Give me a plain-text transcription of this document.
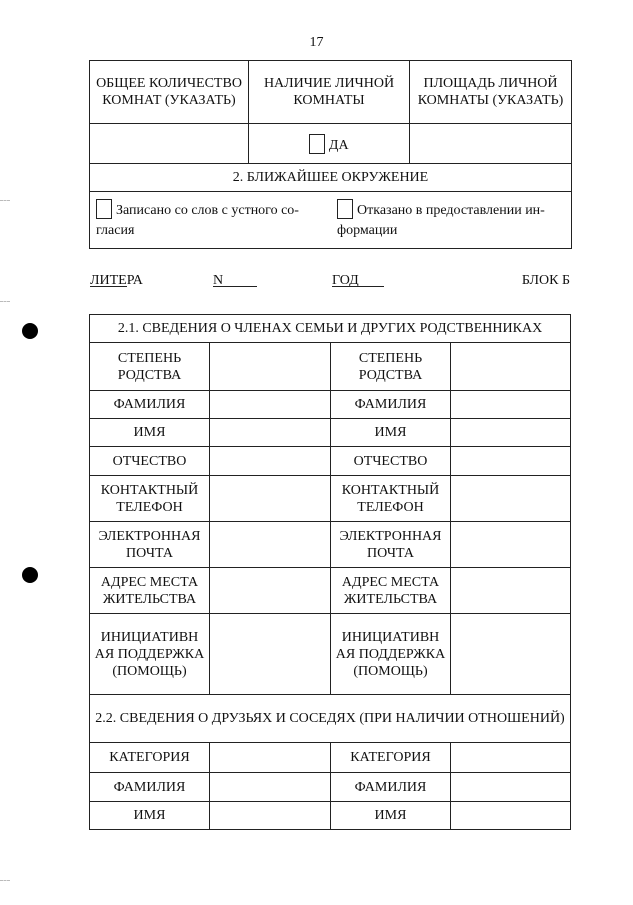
17
ОБЩЕЕ КОЛИЧЕСТВО КОМНАТ (УКАЗАТЬ)	НАЛИЧИЕ ЛИЧНОЙ КОМНАТЫ	ПЛОЩАДЬ ЛИЧНОЙ КОМНАТЫ (УКАЗАТЬ)
	ДА	
2. БЛИЖАЙШЕЕ ОКРУЖЕНИЕ

Записано со слов с устного со-гласия	Отказано в предоставлении ин-формации
ЛИТЕРА	N	ГОД	БЛОК Б
2.1. СВЕДЕНИЯ О ЧЛЕНАХ СЕМЬИ И ДРУГИХ РОДСТВЕННИКАХ			
СТЕПЕНЬ РОДСТВА		СТЕПЕНЬ РОДСТВА	
ФАМИЛИЯ		ФАМИЛИЯ	
ИМЯ		ИМЯ	
ОТЧЕСТВО		ОТЧЕСТВО	
КОНТАКТНЫЙ ТЕЛЕФОН		КОНТАКТНЫЙ ТЕЛЕФОН	
ЭЛЕКТРОННАЯ ПОЧТА		ЭЛЕКТРОННАЯ ПОЧТА	
АДРЕС МЕСТА ЖИТЕЛЬСТВА		АДРЕС МЕСТА ЖИТЕЛЬСТВА	
ИНИЦИАТИВН АЯ ПОДДЕРЖКА (ПОМОЩЬ)		ИНИЦИАТИВН АЯ ПОДДЕРЖКА (ПОМОЩЬ)	
2.2. СВЕДЕНИЯ О ДРУЗЬЯХ И СОСЕДЯХ (ПРИ НАЛИЧИИ ОТНОШЕНИЙ)			
КАТЕГОРИЯ		КАТЕГОРИЯ	
ФАМИЛИЯ		ФАМИЛИЯ	
ИМЯ		ИМЯ	
